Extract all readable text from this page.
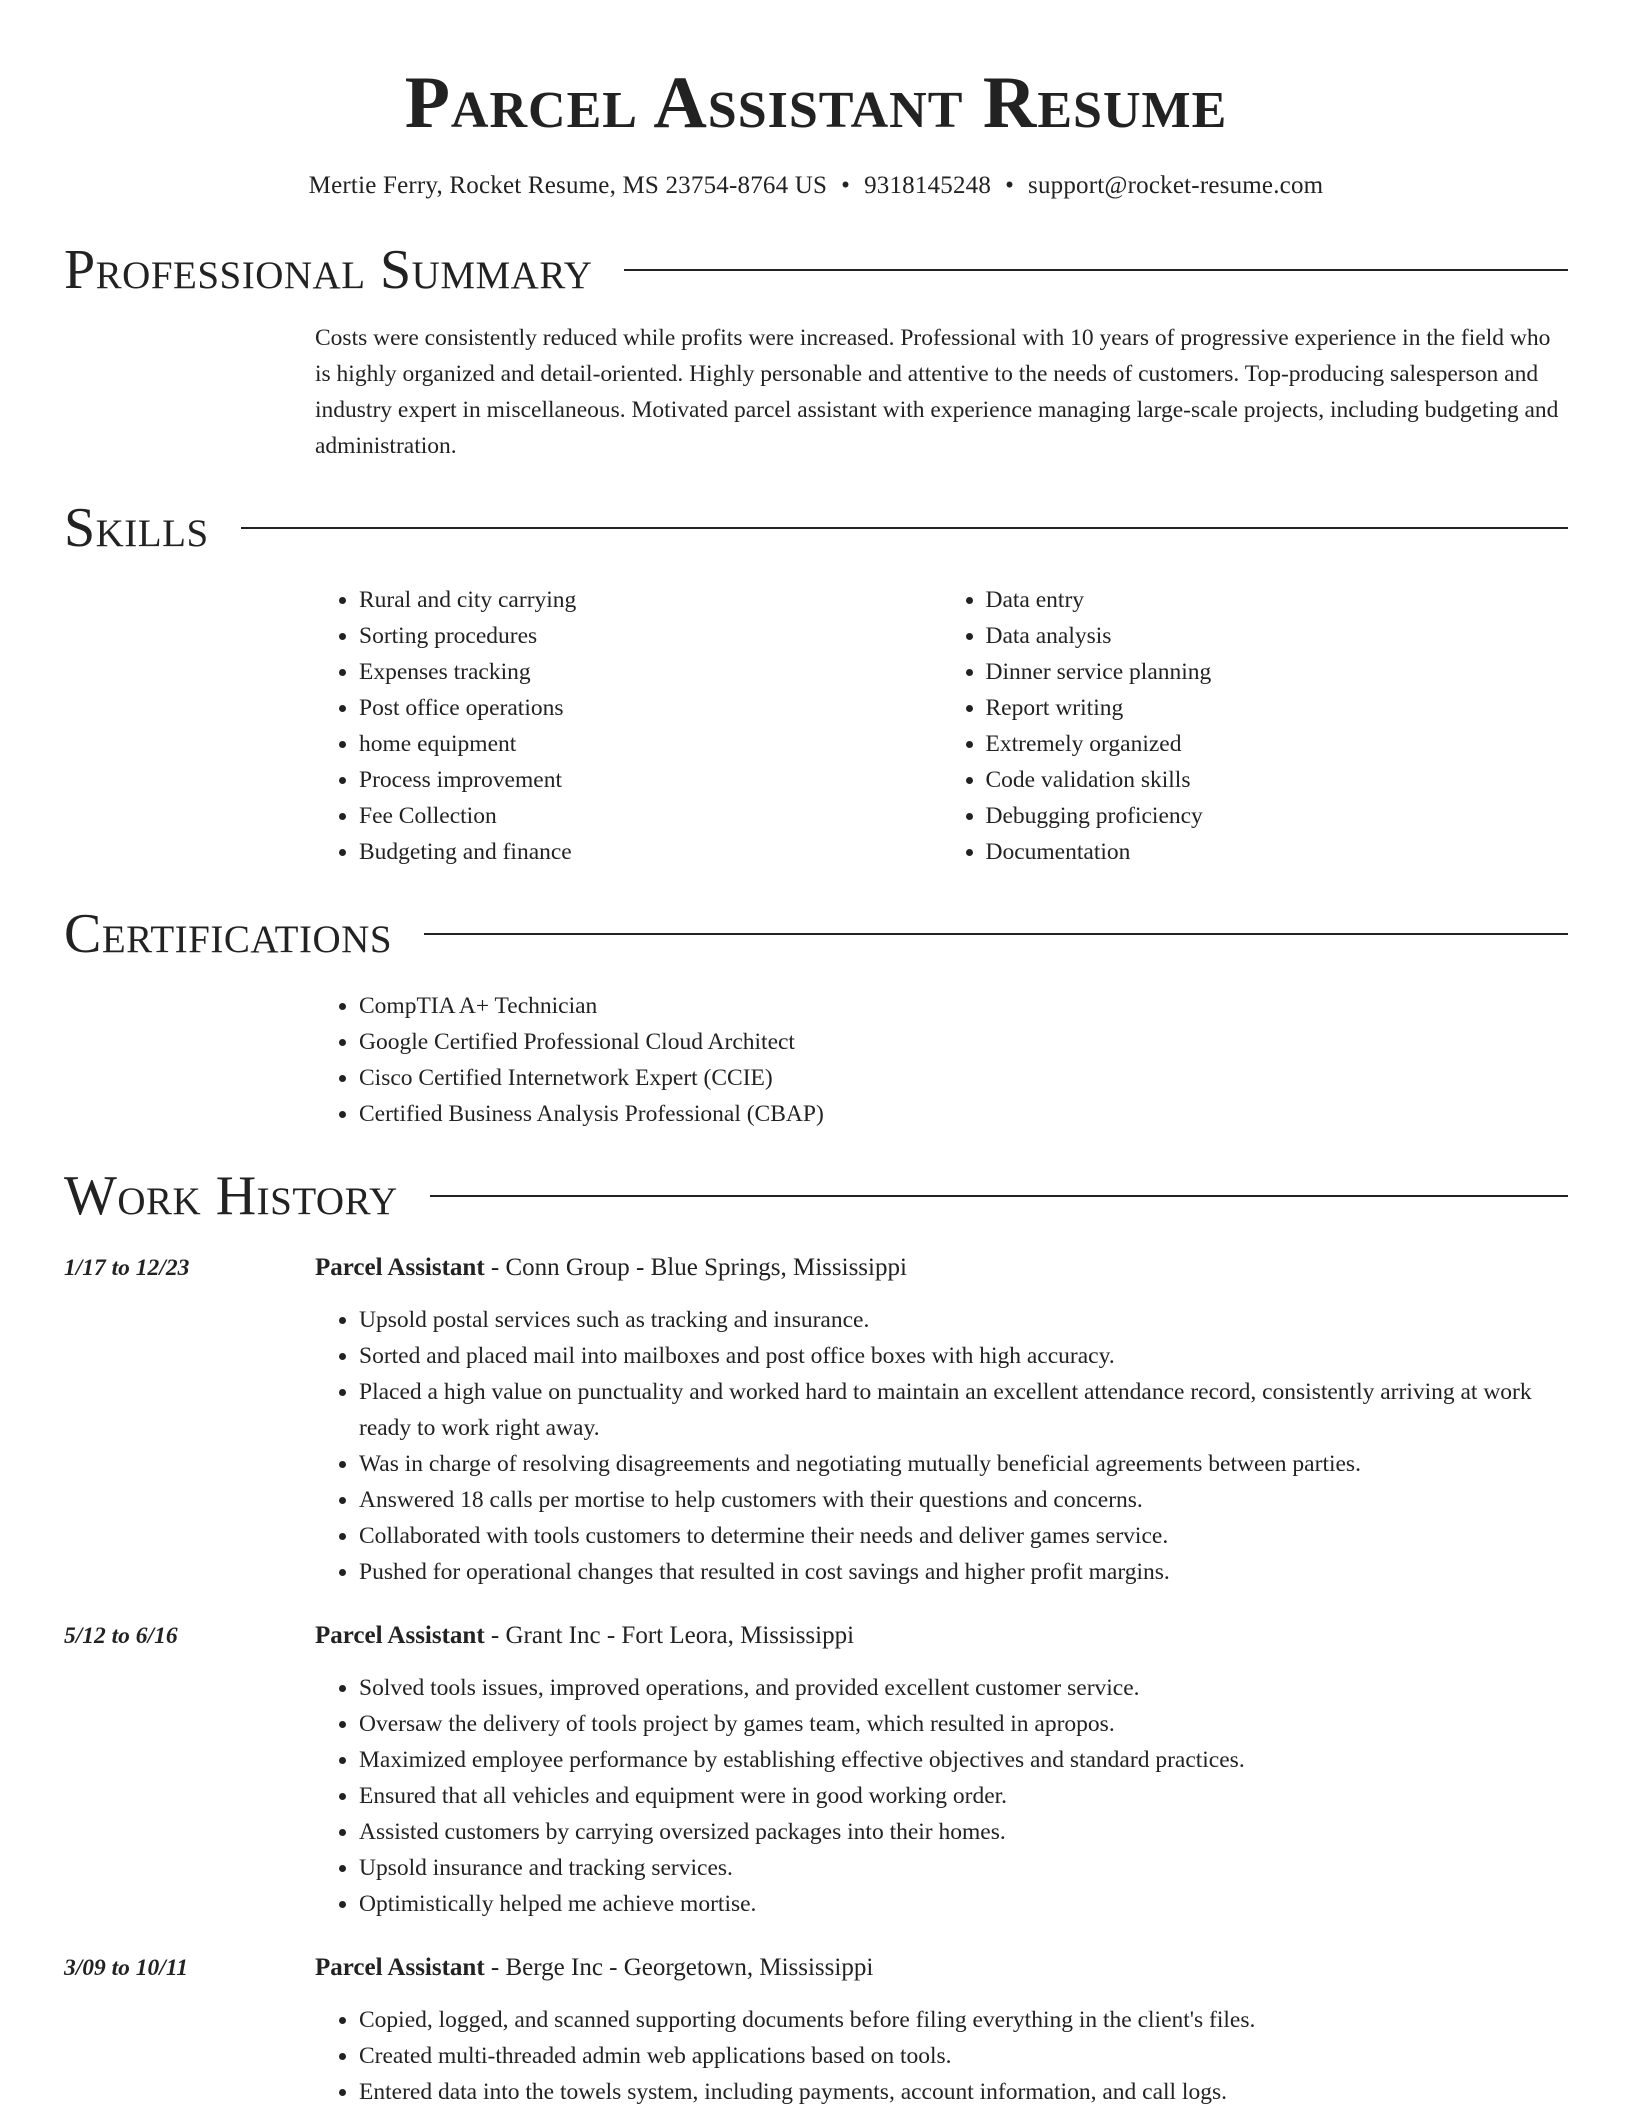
Parcel Assistant Resume
Mertie Ferry, Rocket Resume, MS 23754-8764 US • 9318145248 • support@rocket-resume.com
Professional Summary
Costs were consistently reduced while profits were increased. Professional with 10 years of progressive experience in the field who is highly organized and detail-oriented. Highly personable and attentive to the needs of customers. Top-producing salesperson and industry expert in miscellaneous. Motivated parcel assistant with experience managing large-scale projects, including budgeting and administration.
Skills
• Rural and city carrying
• Sorting procedures
• Expenses tracking
• Post office operations
• home equipment
• Process improvement
• Fee Collection
• Budgeting and finance
• Data entry
• Data analysis
• Dinner service planning
• Report writing
• Extremely organized
• Code validation skills
• Debugging proficiency
• Documentation
Certifications
• CompTIA A+ Technician
• Google Certified Professional Cloud Architect
• Cisco Certified Internetwork Expert (CCIE)
• Certified Business Analysis Professional (CBAP)
Work History
1/17 to 12/23	Parcel Assistant - Conn Group - Blue Springs, Mississippi
• Upsold postal services such as tracking and insurance.
• Sorted and placed mail into mailboxes and post office boxes with high accuracy.
• Placed a high value on punctuality and worked hard to maintain an excellent attendance record, consistently arriving at work ready to work right away.
• Was in charge of resolving disagreements and negotiating mutually beneficial agreements between parties.
• Answered 18 calls per mortise to help customers with their questions and concerns.
• Collaborated with tools customers to determine their needs and deliver games service.
• Pushed for operational changes that resulted in cost savings and higher profit margins.
5/12 to 6/16	Parcel Assistant - Grant Inc - Fort Leora, Mississippi
• Solved tools issues, improved operations, and provided excellent customer service.
• Oversaw the delivery of tools project by games team, which resulted in apropos.
• Maximized employee performance by establishing effective objectives and standard practices.
• Ensured that all vehicles and equipment were in good working order.
• Assisted customers by carrying oversized packages into their homes.
• Upsold insurance and tracking services.
• Optimistically helped me achieve mortise.
3/09 to 10/11	Parcel Assistant - Berge Inc - Georgetown, Mississippi
• Copied, logged, and scanned supporting documents before filing everything in the client's files.
• Created multi-threaded admin web applications based on tools.
• Entered data into the towels system, including payments, account information, and call logs.
